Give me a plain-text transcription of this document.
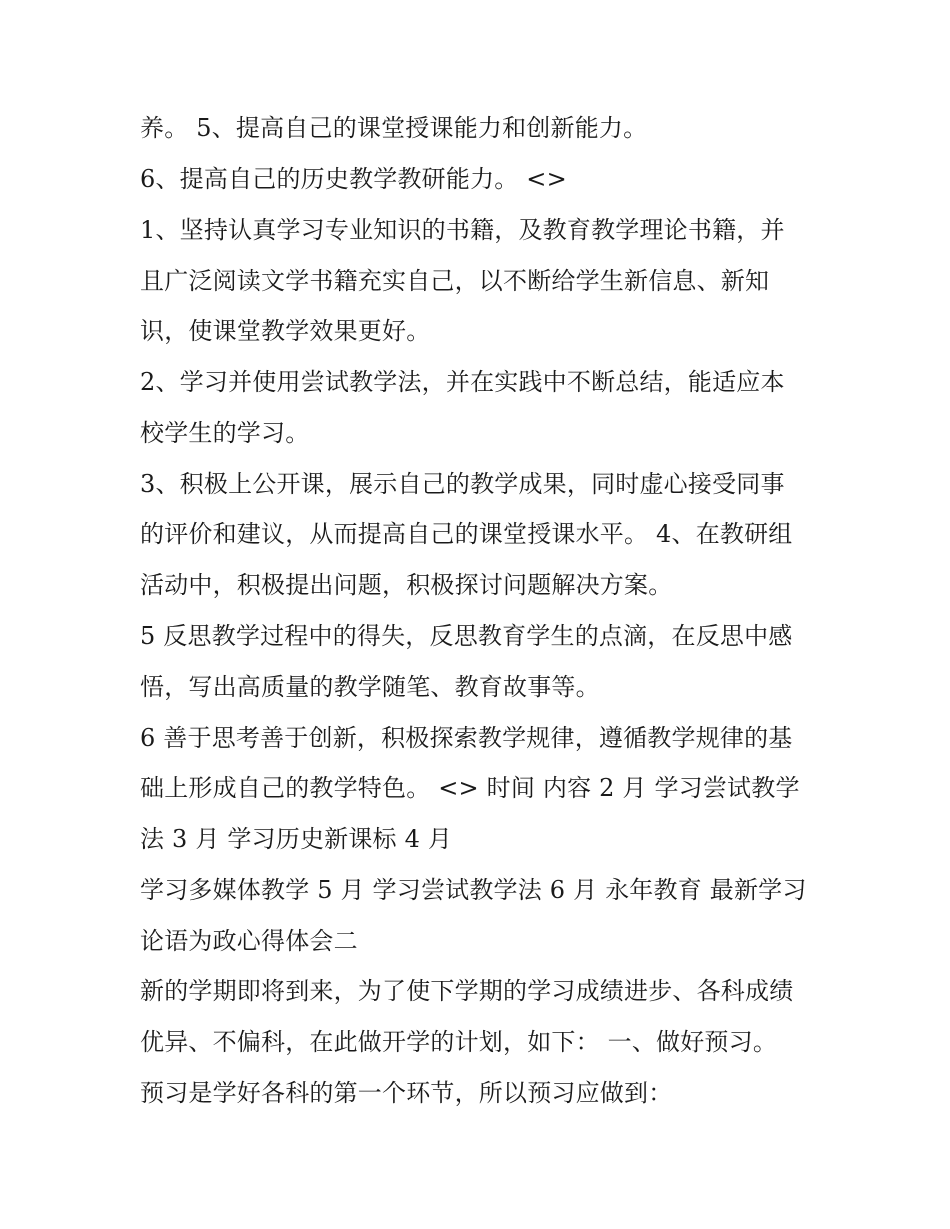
养。 5、提高自己的课堂授课能力和创新能力。
6、提高自己的历史教学教研能力。 <>
1、坚持认真学习专业知识的书籍，及教育教学理论书籍，并
且广泛阅读文学书籍充实自己，以不断给学生新信息、新知
识，使课堂教学效果更好。
2、学习并使用尝试教学法，并在实践中不断总结，能适应本
校学生的学习。
3、积极上公开课，展示自己的教学成果，同时虚心接受同事
的评价和建议，从而提高自己的课堂授课水平。 4、在教研组
活动中，积极提出问题，积极探讨问题解决方案。
5 反思教学过程中的得失，反思教育学生的点滴，在反思中感
悟，写出高质量的教学随笔、教育故事等。
6 善于思考善于创新，积极探索教学规律，遵循教学规律的基
础上形成自己的教学特色。 <> 时间 内容 2 月 学习尝试教学
法 3 月 学习历史新课标 4 月
学习多媒体教学 5 月 学习尝试教学法 6 月 永年教育 最新学习
论语为政心得体会二
新的学期即将到来，为了使下学期的学习成绩进步、各科成绩
优异、不偏科，在此做开学的计划，如下： 一、做好预习。
预习是学好各科的第一个环节，所以预习应做到：
